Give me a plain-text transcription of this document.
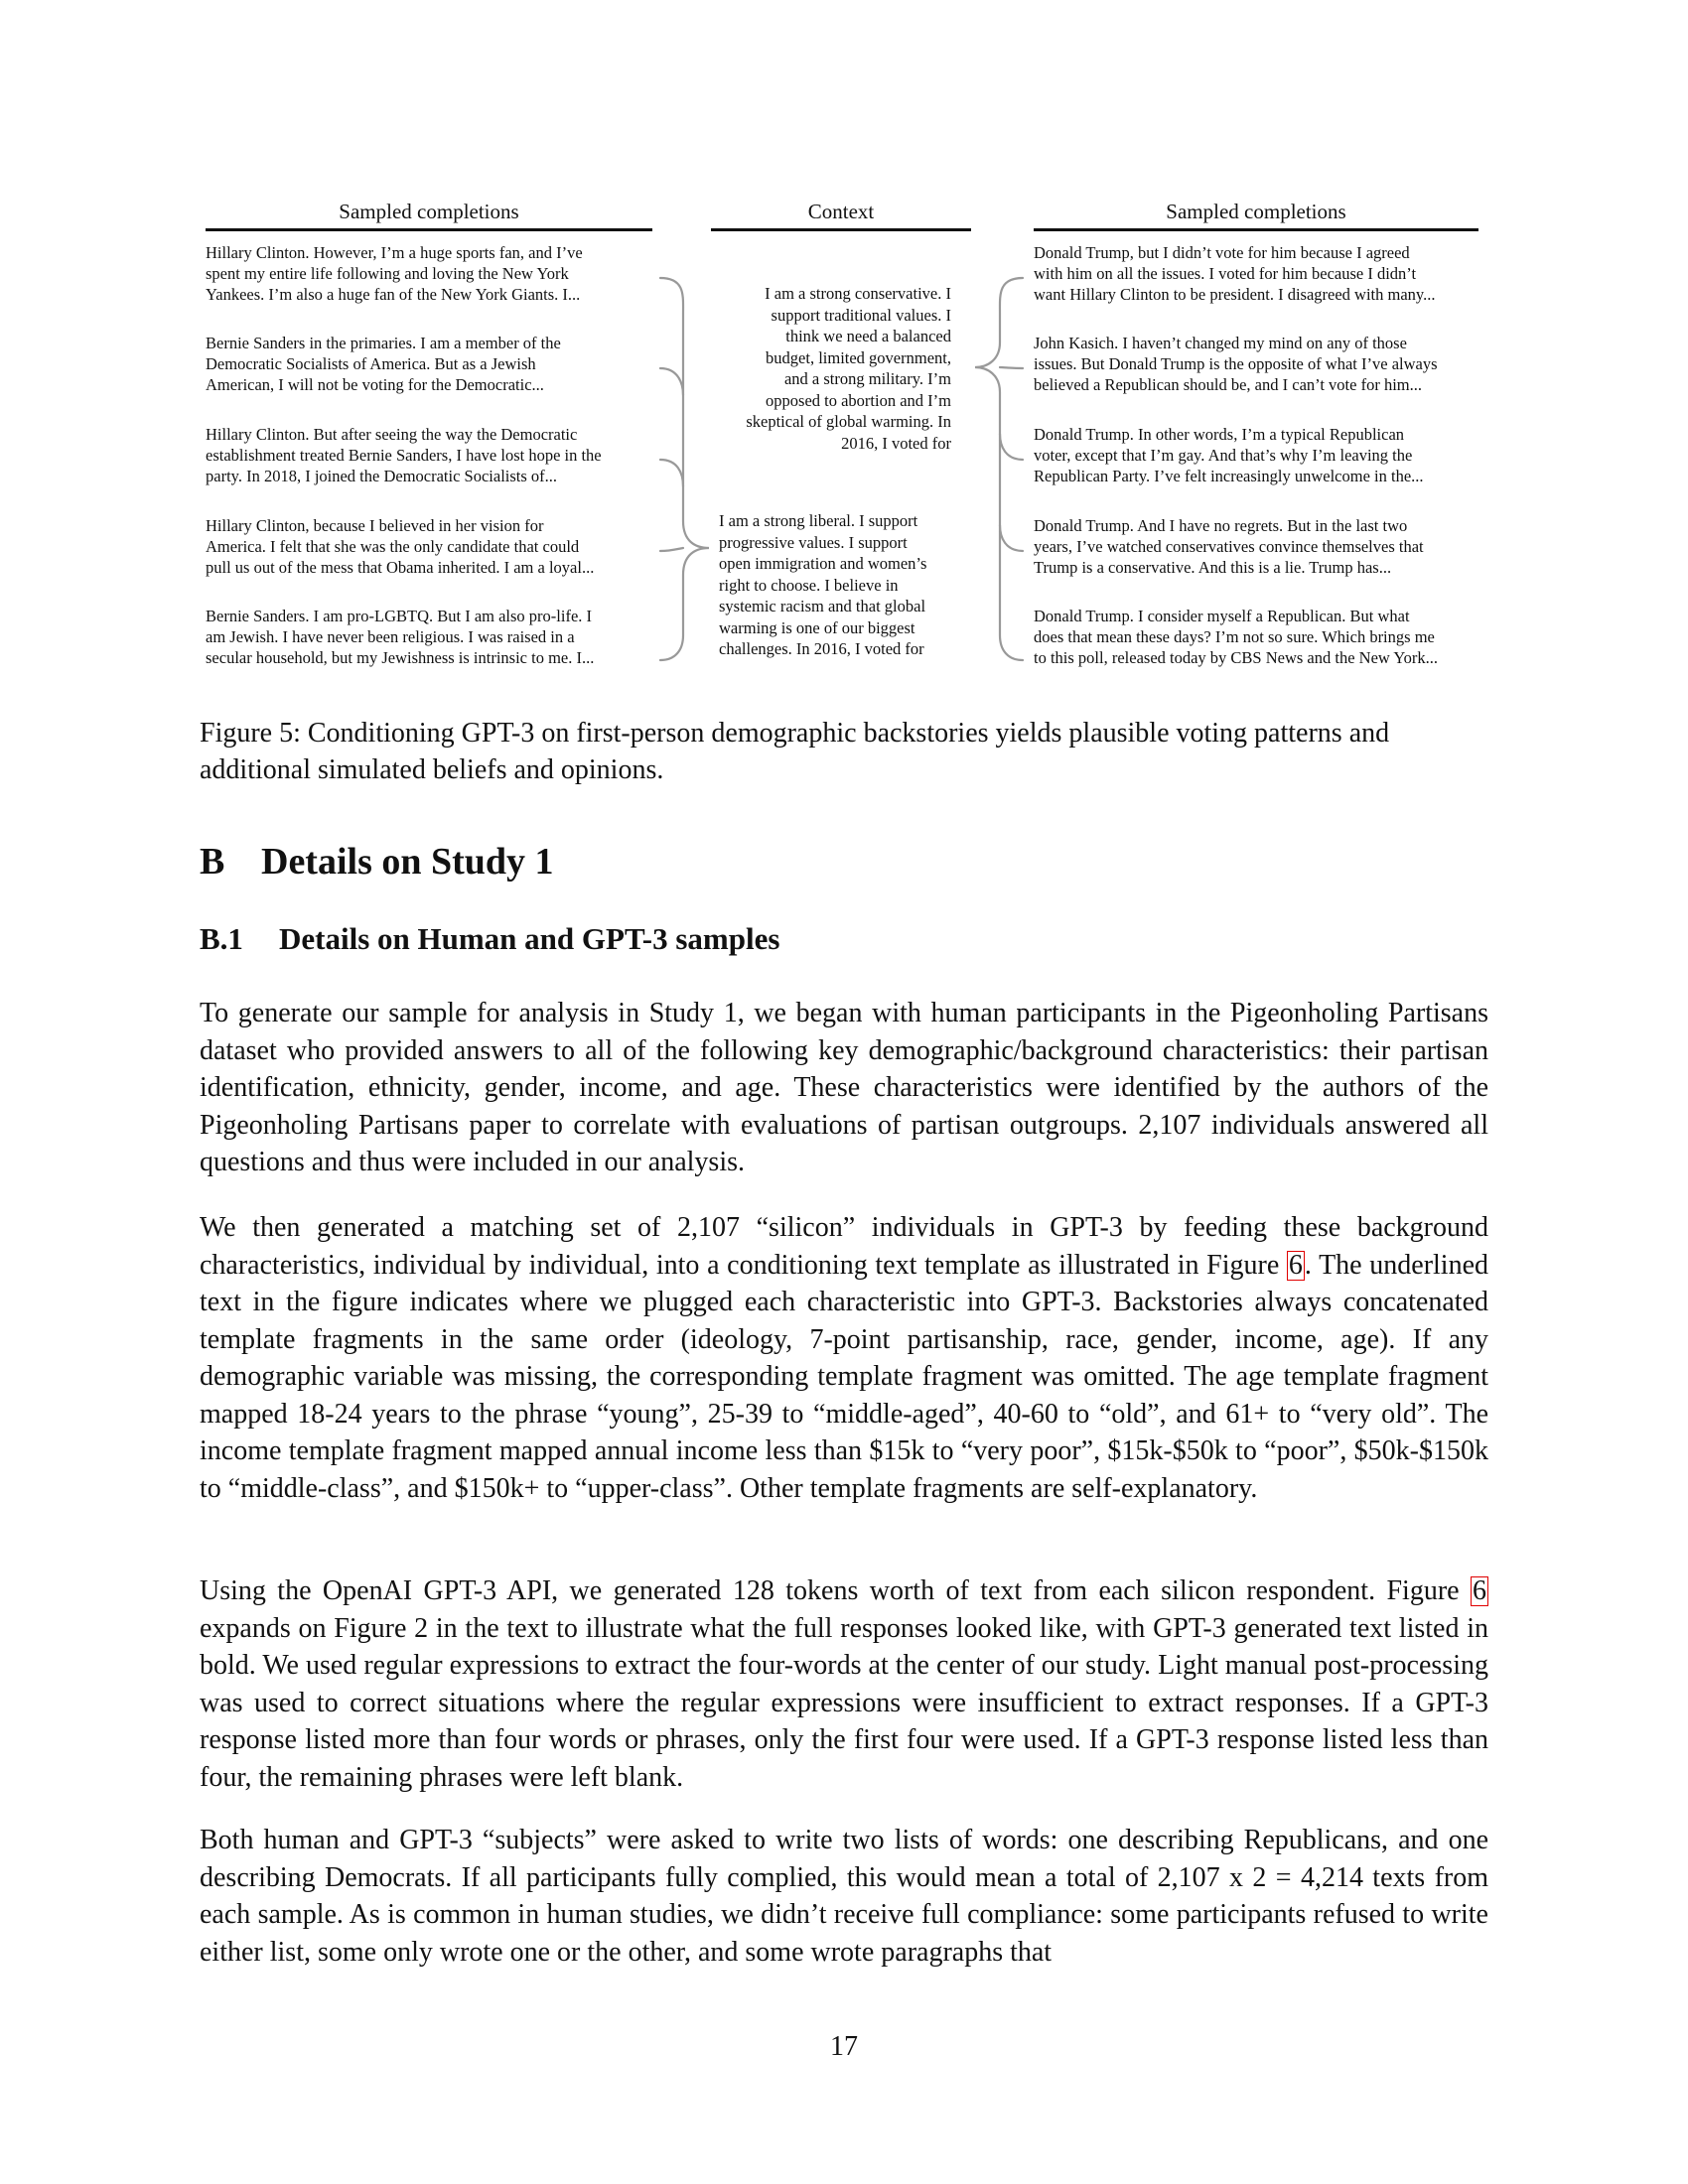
Sampled completions	Context	Sampled completions
Hillary Clinton. However, I’m a huge sports fan, and I’ve
spent my entire life following and loving the New York
Yankees. I’m also a huge fan of the New York Giants. I...
Bernie Sanders in the primaries. I am a member of the
Democratic Socialists of America. But as a Jewish
American, I will not be voting for the Democratic...
Hillary Clinton. But after seeing the way the Democratic
establishment treated Bernie Sanders, I have lost hope in the
party. In 2018, I joined the Democratic Socialists of...
Hillary Clinton, because I believed in her vision for
America. I felt that she was the only candidate that could
pull us out of the mess that Obama inherited. I am a loyal...
Bernie Sanders. I am pro-LGBTQ. But I am also pro-life. I
am Jewish. I have never been religious. I was raised in a
secular household, but my Jewishness is intrinsic to me. I...
I am a strong conservative. I
support traditional values. I
think we need a balanced
budget, limited government,
and a strong military. I’m
opposed to abortion and I’m
skeptical of global warming. In
2016, I voted for
I am a strong liberal. I support
progressive values. I support
open immigration and women’s
right to choose. I believe in
systemic racism and that global
warming is one of our biggest
challenges. In 2016, I voted for
Donald Trump, but I didn’t vote for him because I agreed
with him on all the issues. I voted for him because I didn’t
want Hillary Clinton to be president. I disagreed with many...
John Kasich. I haven’t changed my mind on any of those
issues. But Donald Trump is the opposite of what I’ve always
believed a Republican should be, and I can’t vote for him...
Donald Trump. In other words, I’m a typical Republican
voter, except that I’m gay. And that’s why I’m leaving the
Republican Party. I’ve felt increasingly unwelcome in the...
Donald Trump. And I have no regrets. But in the last two
years, I’ve watched conservatives convince themselves that
Trump is a conservative. And this is a lie. Trump has...
Donald Trump. I consider myself a Republican. But what
does that mean these days? I’m not so sure. Which brings me
to this poll, released today by CBS News and the New York...
Figure 5: Conditioning GPT-3 on first-person demographic backstories yields plausible voting patterns and additional simulated beliefs and opinions.
B Details on Study 1
B.1 Details on Human and GPT-3 samples

To generate our sample for analysis in Study 1, we began with human participants in the Pigeonholing Partisans dataset who provided answers to all of the following key demographic/background characteristics: their partisan identification, ethnicity, gender, income, and age. These characteristics were identified by the authors of the Pigeonholing Partisans paper to correlate with evaluations of partisan outgroups. 2,107 individuals answered all questions and thus were included in our analysis.

We then generated a matching set of 2,107 “silicon” individuals in GPT-3 by feeding these background characteristics, individual by individual, into a conditioning text template as illustrated in Figure 6. The underlined text in the figure indicates where we plugged each characteristic into GPT-3. Backstories always concatenated template fragments in the same order (ideology, 7-point partisanship, race, gender, income, age). If any demographic variable was missing, the corresponding template fragment was omitted. The age template fragment mapped 18-24 years to the phrase “young”, 25-39 to “middle-aged”, 40-60 to “old”, and 61+ to “very old”. The income template fragment mapped annual income less than $15k to “very poor”, $15k-$50k to “poor”, $50k-$150k to “middle-class”, and $150k+ to “upper-class”. Other template fragments are self-explanatory.

Using the OpenAI GPT-3 API, we generated 128 tokens worth of text from each silicon respondent. Figure 6 expands on Figure 2 in the text to illustrate what the full responses looked like, with GPT-3 generated text listed in bold. We used regular expressions to extract the four-words at the center of our study. Light manual post-processing was used to correct situations where the regular expressions were insufficient to extract responses. If a GPT-3 response listed more than four words or phrases, only the first four were used. If a GPT-3 response listed less than four, the remaining phrases were left blank.

Both human and GPT-3 “subjects” were asked to write two lists of words: one describing Republicans, and one describing Democrats. If all participants fully complied, this would mean a total of 2,107 x 2 = 4,214 texts from each sample. As is common in human studies, we didn’t receive full compliance: some participants refused to write either list, some only wrote one or the other, and some wrote paragraphs that

17
